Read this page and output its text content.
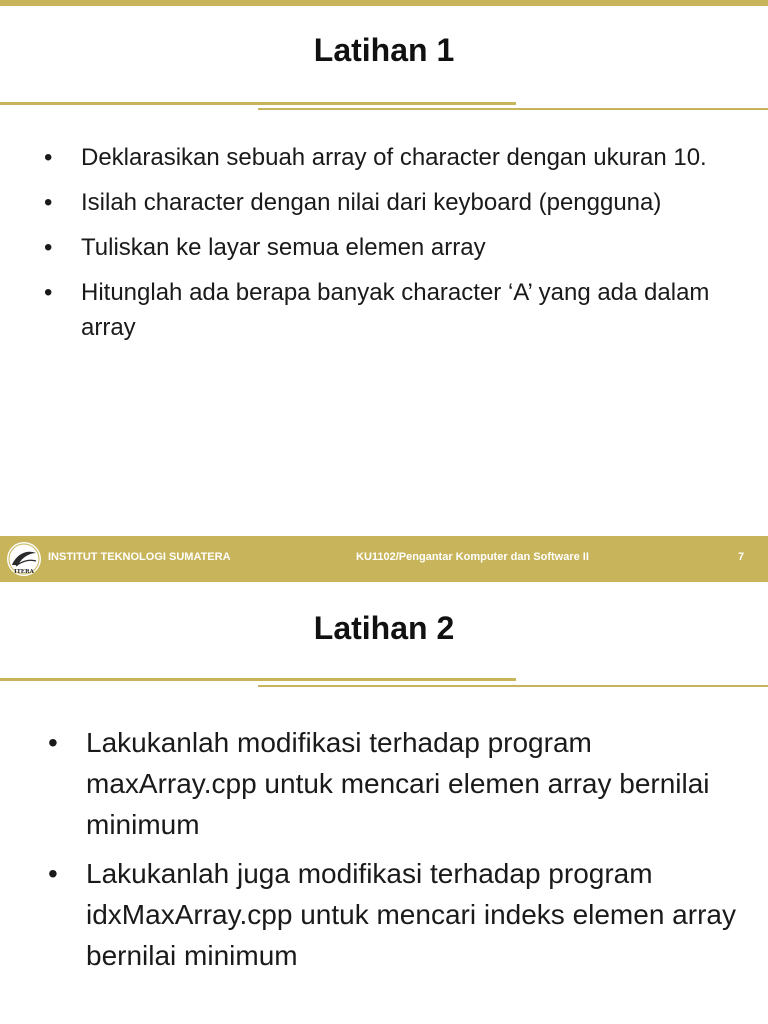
Latihan 1
• Deklarasikan sebuah array of character dengan ukuran 10.
• Isilah character dengan nilai dari keyboard (pengguna)
• Tuliskan ke layar semua elemen array
• Hitunglah ada berapa banyak character ‘A’ yang ada dalam array
ITERA
INSTITUT TEKNOLOGI SUMATERA	KU1102/Pengantar Komputer dan Software II	7
Latihan 2
• Lakukanlah modifikasi terhadap program maxArray.cpp untuk mencari elemen array bernilai minimum
• Lakukanlah juga modifikasi terhadap program idxMaxArray.cpp untuk mencari indeks elemen array bernilai minimum
